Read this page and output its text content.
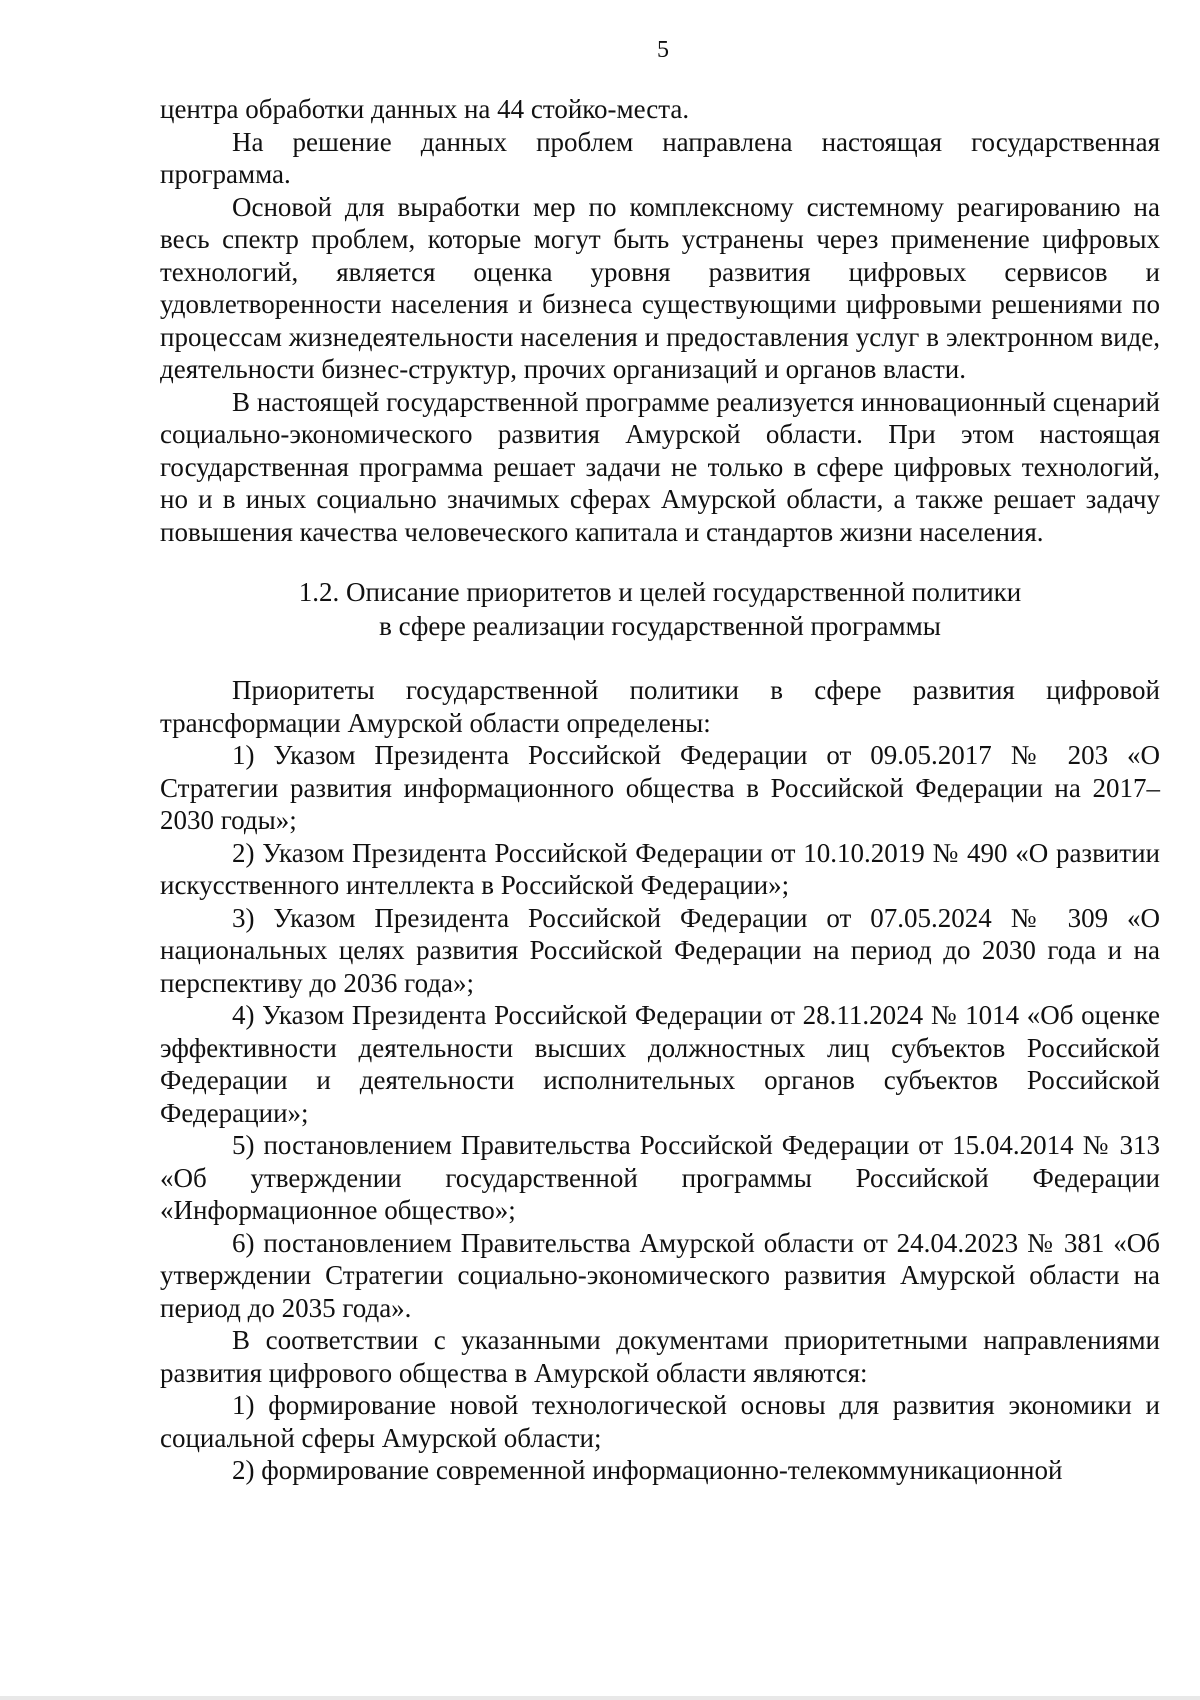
5

центра обработки данных на 44 стойко-места.

На решение данных проблем направлена настоящая государственная программа.

Основой для выработки мер по комплексному системному реагированию на весь спектр проблем, которые могут быть устранены через применение цифровых технологий, является оценка уровня развития цифровых сервисов и удовлетворенности населения и бизнеса существующими цифровыми решениями по процессам жизнедеятельности населения и предоставления услуг в электронном виде, деятельности бизнес-структур, прочих организаций и органов власти.

В настоящей государственной программе реализуется инновационный сценарий социально-экономического развития Амурской области. При этом настоящая государственная программа решает задачи не только в сфере цифровых технологий, но и в иных социально значимых сферах Амурской области, а также решает задачу повышения качества человеческого капитала и стандартов жизни населения.

1.2. Описание приоритетов и целей государственной политики
в сфере реализации государственной программы

Приоритеты государственной политики в сфере развития цифровой трансформации Амурской области определены:

1) Указом Президента Российской Федерации от 09.05.2017 № 203 «О Стратегии развития информационного общества в Российской Федерации на 2017–2030 годы»;

2) Указом Президента Российской Федерации от 10.10.2019 № 490 «О развитии искусственного интеллекта в Российской Федерации»;

3) Указом Президента Российской Федерации от 07.05.2024 № 309 «О национальных целях развития Российской Федерации на период до 2030 года и на перспективу до 2036 года»;

4) Указом Президента Российской Федерации от 28.11.2024 № 1014 «Об оценке эффективности деятельности высших должностных лиц субъектов Российской Федерации и деятельности исполнительных органов субъектов Российской Федерации»;

5) постановлением Правительства Российской Федерации от 15.04.2014 № 313 «Об утверждении государственной программы Российской Федерации «Информационное общество»;

6) постановлением Правительства Амурской области от 24.04.2023 № 381 «Об утверждении Стратегии социально-экономического развития Амурской области на период до 2035 года».

В соответствии с указанными документами приоритетными направлениями развития цифрового общества в Амурской области являются:

1) формирование новой технологической основы для развития экономики и социальной сферы Амурской области;

2) формирование современной информационно-телекоммуникационной
